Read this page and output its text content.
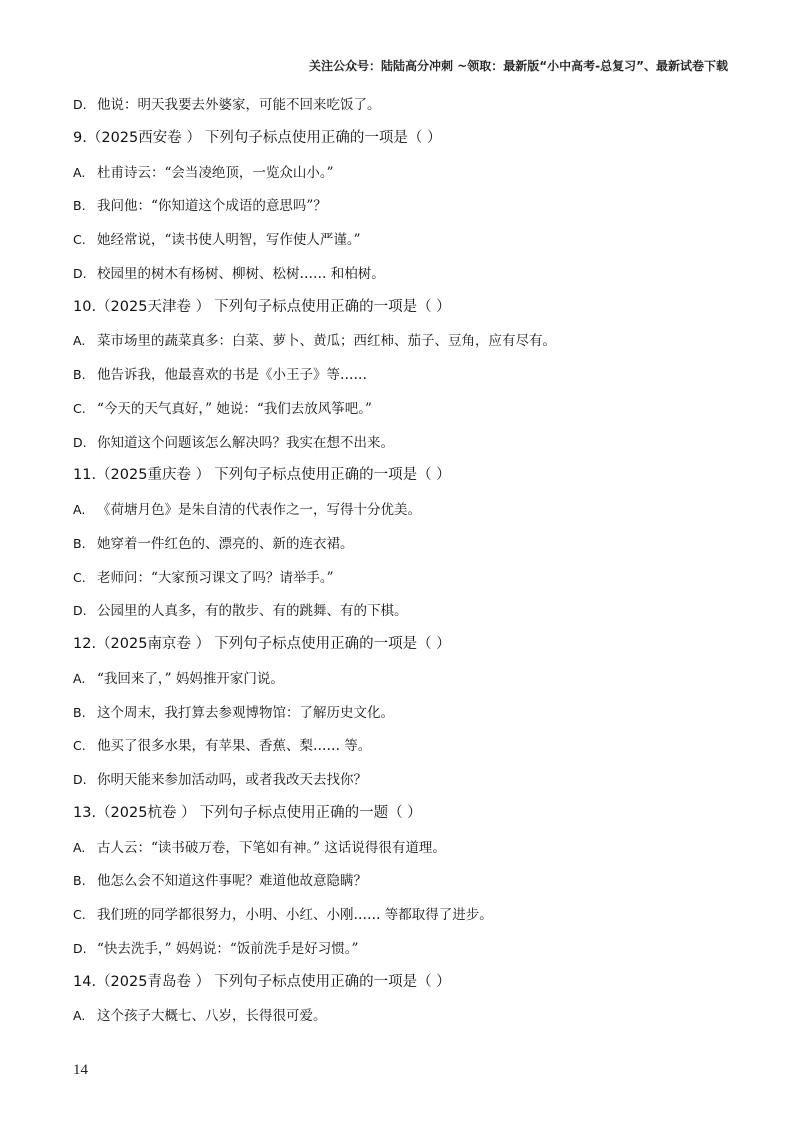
关注公众号：陆陆高分冲刺 ~领取：最新版“小中高考-总复习”、最新试卷下载
D. 他说：明天我要去外婆家，可能不回来吃饭了。
9.（2025西安卷 ） 下列句子标点使用正确的一项是（ ）
A. 杜甫诗云：“会当凌绝顶，一览众山小。”
B. 我问他：“你知道这个成语的意思吗”？
C. 她经常说，“读书使人明智，写作使人严谨。”
D. 校园里的树木有杨树、柳树、松树…… 和柏树。
10.（2025天津卷 ） 下列句子标点使用正确的一项是（ ）
A. 菜市场里的蔬菜真多：白菜、萝卜、黄瓜；西红柿、茄子、豆角，应有尽有。
B. 他告诉我，他最喜欢的书是《小王子》等……
C. “今天的天气真好，” 她说：“我们去放风筝吧。”
D. 你知道这个问题该怎么解决吗？我实在想不出来。
11.（2025重庆卷 ） 下列句子标点使用正确的一项是（ ）
A. 《荷塘月色》是朱自清的代表作之一，写得十分优美。
B. 她穿着一件红色的、漂亮的、新的连衣裙。
C. 老师问：“大家预习课文了吗？请举手。”
D. 公园里的人真多，有的散步、有的跳舞、有的下棋。
12.（2025南京卷 ） 下列句子标点使用正确的一项是（ ）
A. “我回来了，” 妈妈推开家门说。
B. 这个周末，我打算去参观博物馆：了解历史文化。
C. 他买了很多水果，有苹果、香蕉、梨…… 等。
D. 你明天能来参加活动吗，或者我改天去找你？
13.（2025杭卷 ） 下列句子标点使用正确的一题（ ）
A. 古人云：“读书破万卷，下笔如有神。” 这话说得很有道理。
B. 他怎么会不知道这件事呢？难道他故意隐瞒？
C. 我们班的同学都很努力，小明、小红、小刚…… 等都取得了进步。
D. “快去洗手，” 妈妈说：“饭前洗手是好习惯。”
14.（2025青岛卷 ） 下列句子标点使用正确的一项是（ ）
A. 这个孩子大概七、八岁，长得很可爱。
14
